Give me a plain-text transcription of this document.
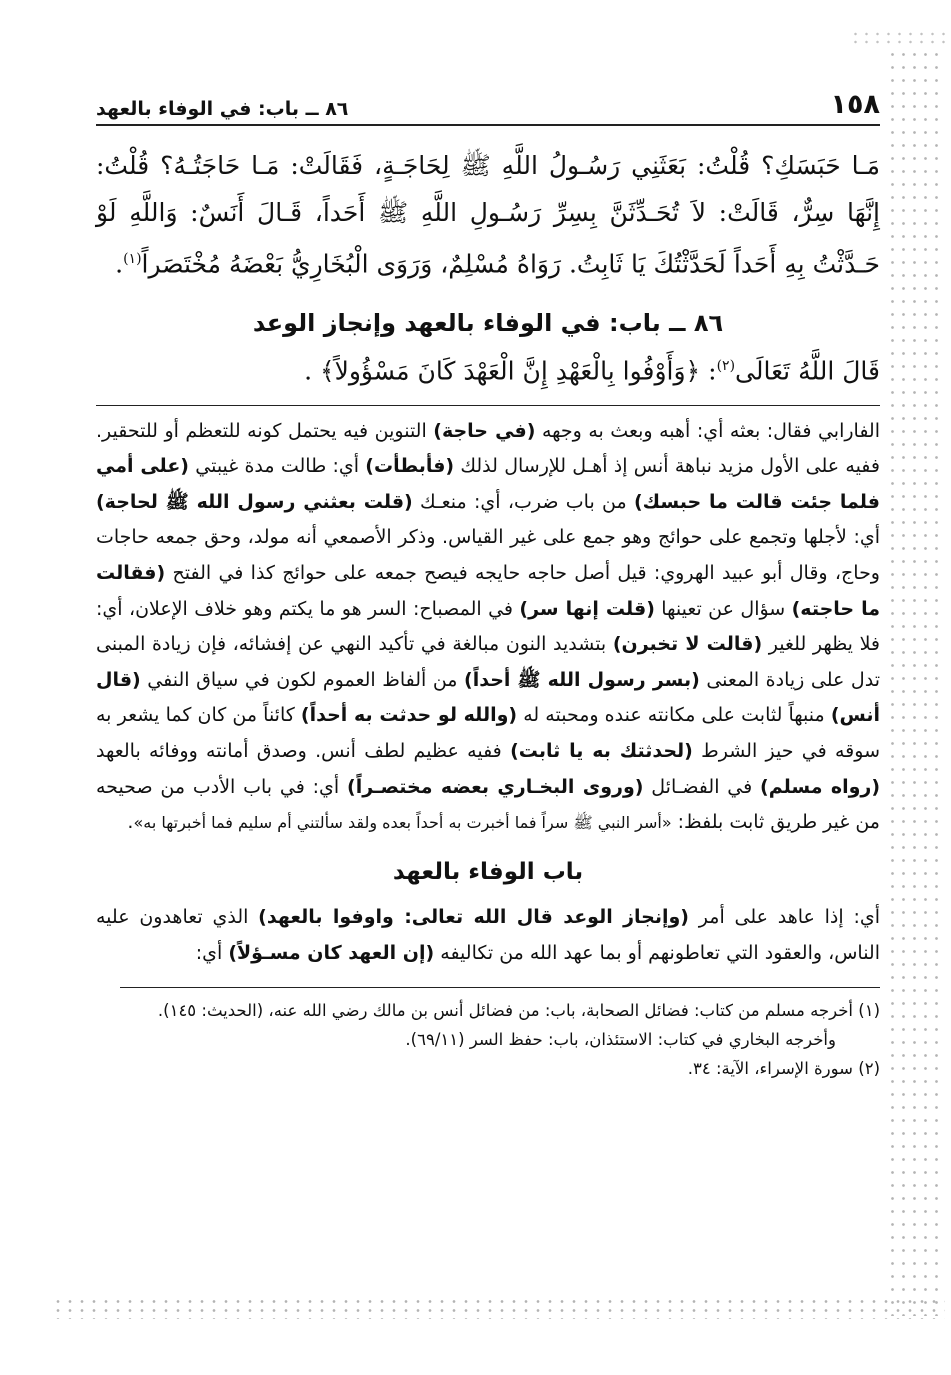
٨٦ ــ باب: في الوفاء بالعهد	١٥٨

مَـا حَبَسَكِ؟ قُلْتُ: بَعَثَنِي رَسُـولُ اللَّهِ ﷺ لِحَاجَـةٍ، فَقَالَتْ: مَـا حَاجَتُـهُ؟ قُلْتُ: إِنَّهَا سِرٌّ، قَالَتْ: لاَ تُحَـدِّثَنَّ بِسِرِّ رَسُـولِ اللَّهِ ﷺ أَحَداً، قَـالَ أَنَسٌ: وَاللَّهِ لَوْ حَـدَّثْتُ بِهِ أَحَداً لَحَدَّثْتُكَ يَا ثَابِتُ. رَوَاهُ مُسْلِمٌ، وَرَوَى الْبُخَارِيُّ بَعْضَهُ مُخْتَصَراً$^{(١)}$.

٨٦ ــ باب: في الوفاء بالعهد وإنجاز الوعد

قَالَ اللَّهُ تَعَالَى$^{(٢)}$: ﴿وَأَوْفُوا بِالْعَهْدِ إِنَّ الْعَهْدَ كَانَ مَسْؤُولاً﴾ .

الفارابي فقال: بعثه أي: أهبه وبعث به وجهه (في حاجة) التنوين فيه يحتمل كونه للتعظم أو للتحقير. ففيه على الأول مزيد نباهة أنس إذ أهـل للإرسال لذلك (فأبطأت) أي: طالت مدة غيبتي (على أمي فلما جئت قالت ما حبسك) من باب ضرب، أي: منعـك (قلت بعثني رسول الله ﷺ لحاجة) أي: لأجلها وتجمع على حوائج وهو جمع على غير القياس. وذكر الأصمعي أنه مولد، وحق جمعه حاجات وحاج، وقال أبو عبيد الهروي: قيل أصل حاجه حايجه فيصح جمعه على حوائج كذا في الفتح (فقالت ما حاجته) سؤال عن تعينها (قلت إنها سر) في المصباح: السر هو ما يكتم وهو خلاف الإعلان، أي: فلا يظهر للغير (قالت لا تخبرن) بتشديد النون مبالغة في تأكيد النهي عن إفشائه، فإن زيادة المبنى تدل على زيادة المعنى (بسر رسول الله ﷺ أحداً) من ألفاظ العموم لكون في سياق النفي (قال أنس) منبهاً لثابت على مكانته عنده ومحبته له (والله لو حدثت به أحداً) كائناً من كان كما يشعر به سوقه في حيز الشرط (لحدثتك به يا ثابت) ففيه عظيم لطف أنس. وصدق أمانته ووفائه بالعهد (رواه مسلم) في الفضـائل (وروى البخـاري بعضه مختصـراً) أي: في باب الأدب من صحيحه من غير طريق ثابت بلفظ: «أسر النبي ﷺ سراً فما أخبرت به أحداً بعده ولقد سألتني أم سليم فما أخبرتها به».

باب الوفاء بالعهد

أي: إذا عاهد على أمر (وإنجاز الوعد قال الله تعالى: واوفوا بالعهد) الذي تعاهدون عليه الناس، والعقود التي تعاطونهم أو بما عهد الله من تكاليفه (إن العهد كان مسـؤلاً) أي:

(١) أخرجه مسلم من كتاب: فضائل الصحابة، باب: من فضائل أنس بن مالك رضي الله عنه، (الحديث: ١٤٥).

وأخرجه البخاري في كتاب: الاستئذان، باب: حفظ السر (٦٩/١١).

(٢) سورة الإسراء، الآية: ٣٤.
